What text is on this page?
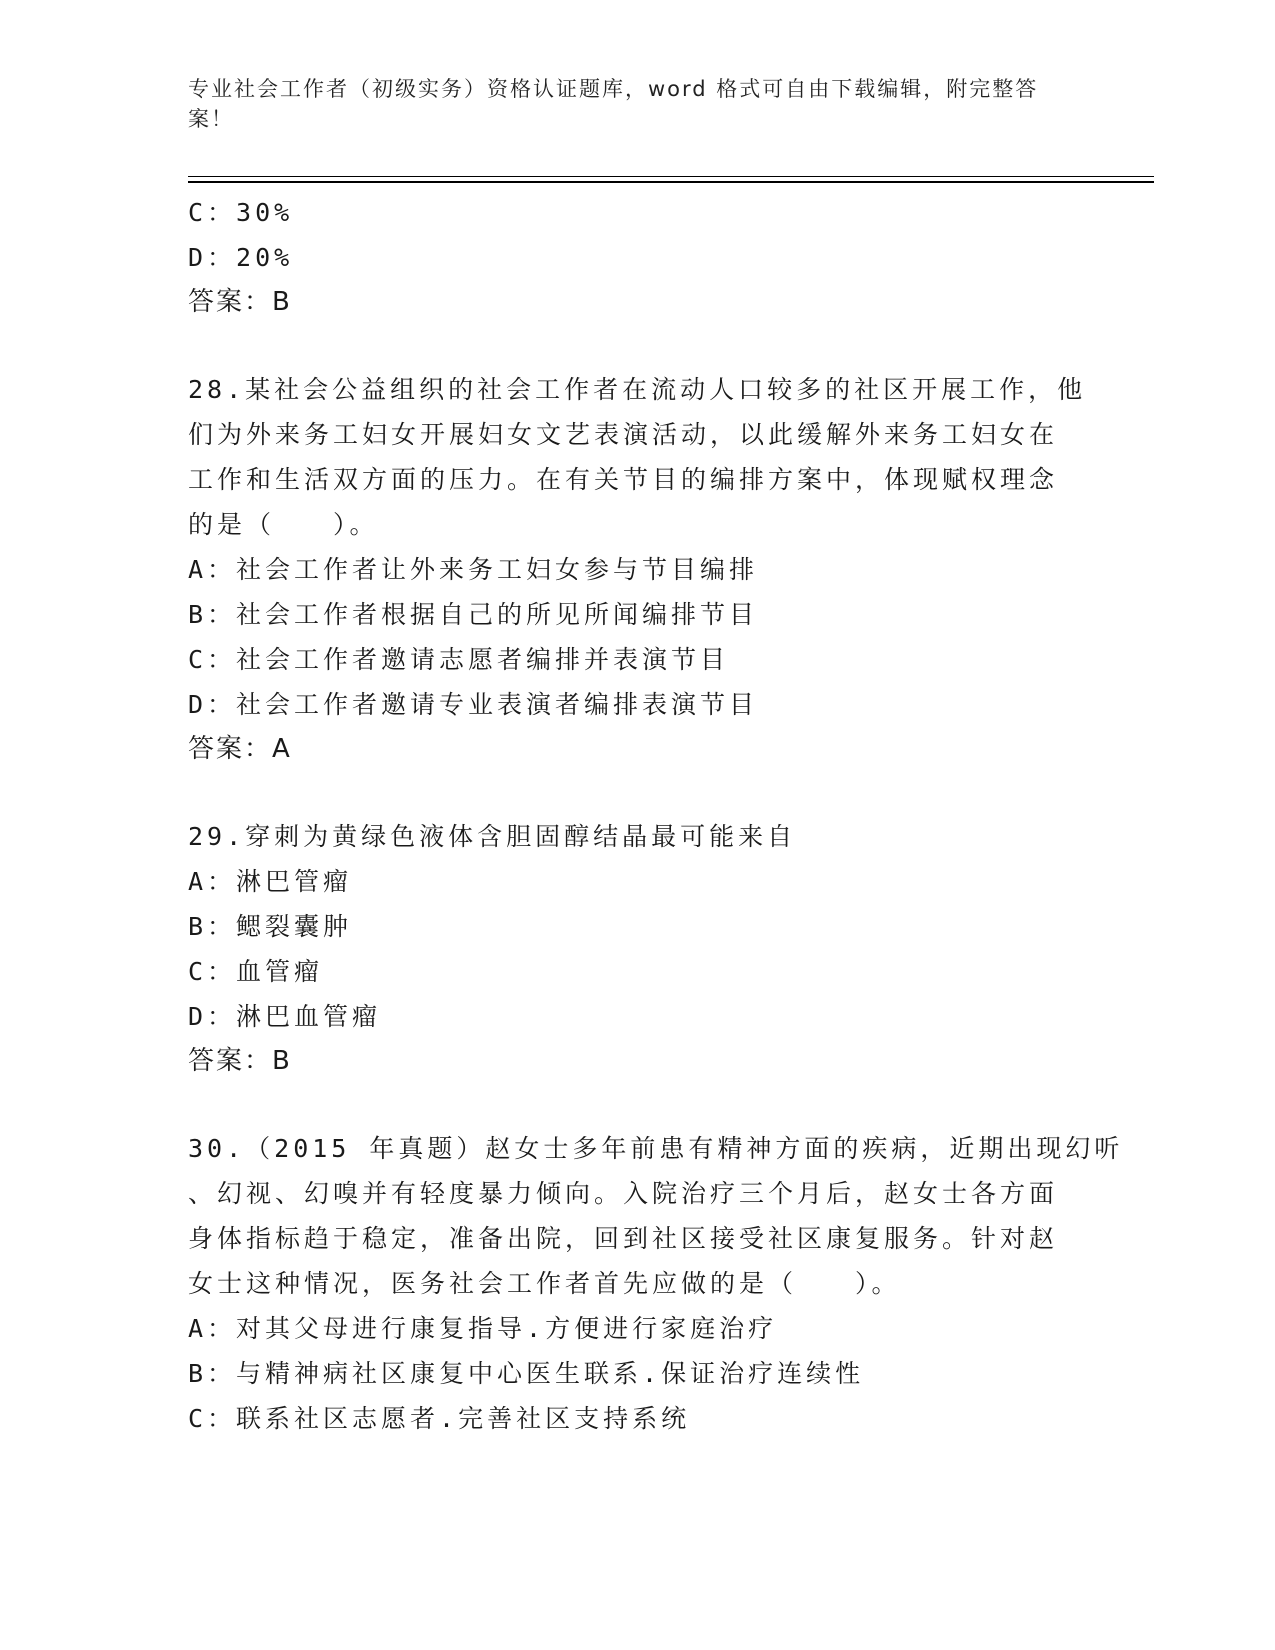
专业社会工作者（初级实务）资格认证题库，word 格式可自由下载编辑，附完整答案！
C：30%
D：20%
答案：B
28.某社会公益组织的社会工作者在流动人口较多的社区开展工作，他
们为外来务工妇女开展妇女文艺表演活动，以此缓解外来务工妇女在
工作和生活双方面的压力。在有关节目的编排方案中，体现赋权理念
的是（　　）。
A：社会工作者让外来务工妇女参与节目编排
B：社会工作者根据自己的所见所闻编排节目
C：社会工作者邀请志愿者编排并表演节目
D：社会工作者邀请专业表演者编排表演节目
答案：A
29.穿刺为黄绿色液体含胆固醇结晶最可能来自
A：淋巴管瘤
B：鳃裂囊肿
C：血管瘤
D：淋巴血管瘤
答案：B
30.（2015 年真题）赵女士多年前患有精神方面的疾病，近期出现幻听
、幻视、幻嗅并有轻度暴力倾向。入院治疗三个月后，赵女士各方面
身体指标趋于稳定，准备出院，回到社区接受社区康复服务。针对赵
女士这种情况，医务社会工作者首先应做的是（　　）。
A：对其父母进行康复指导.方便进行家庭治疗
B：与精神病社区康复中心医生联系.保证治疗连续性
C：联系社区志愿者.完善社区支持系统
